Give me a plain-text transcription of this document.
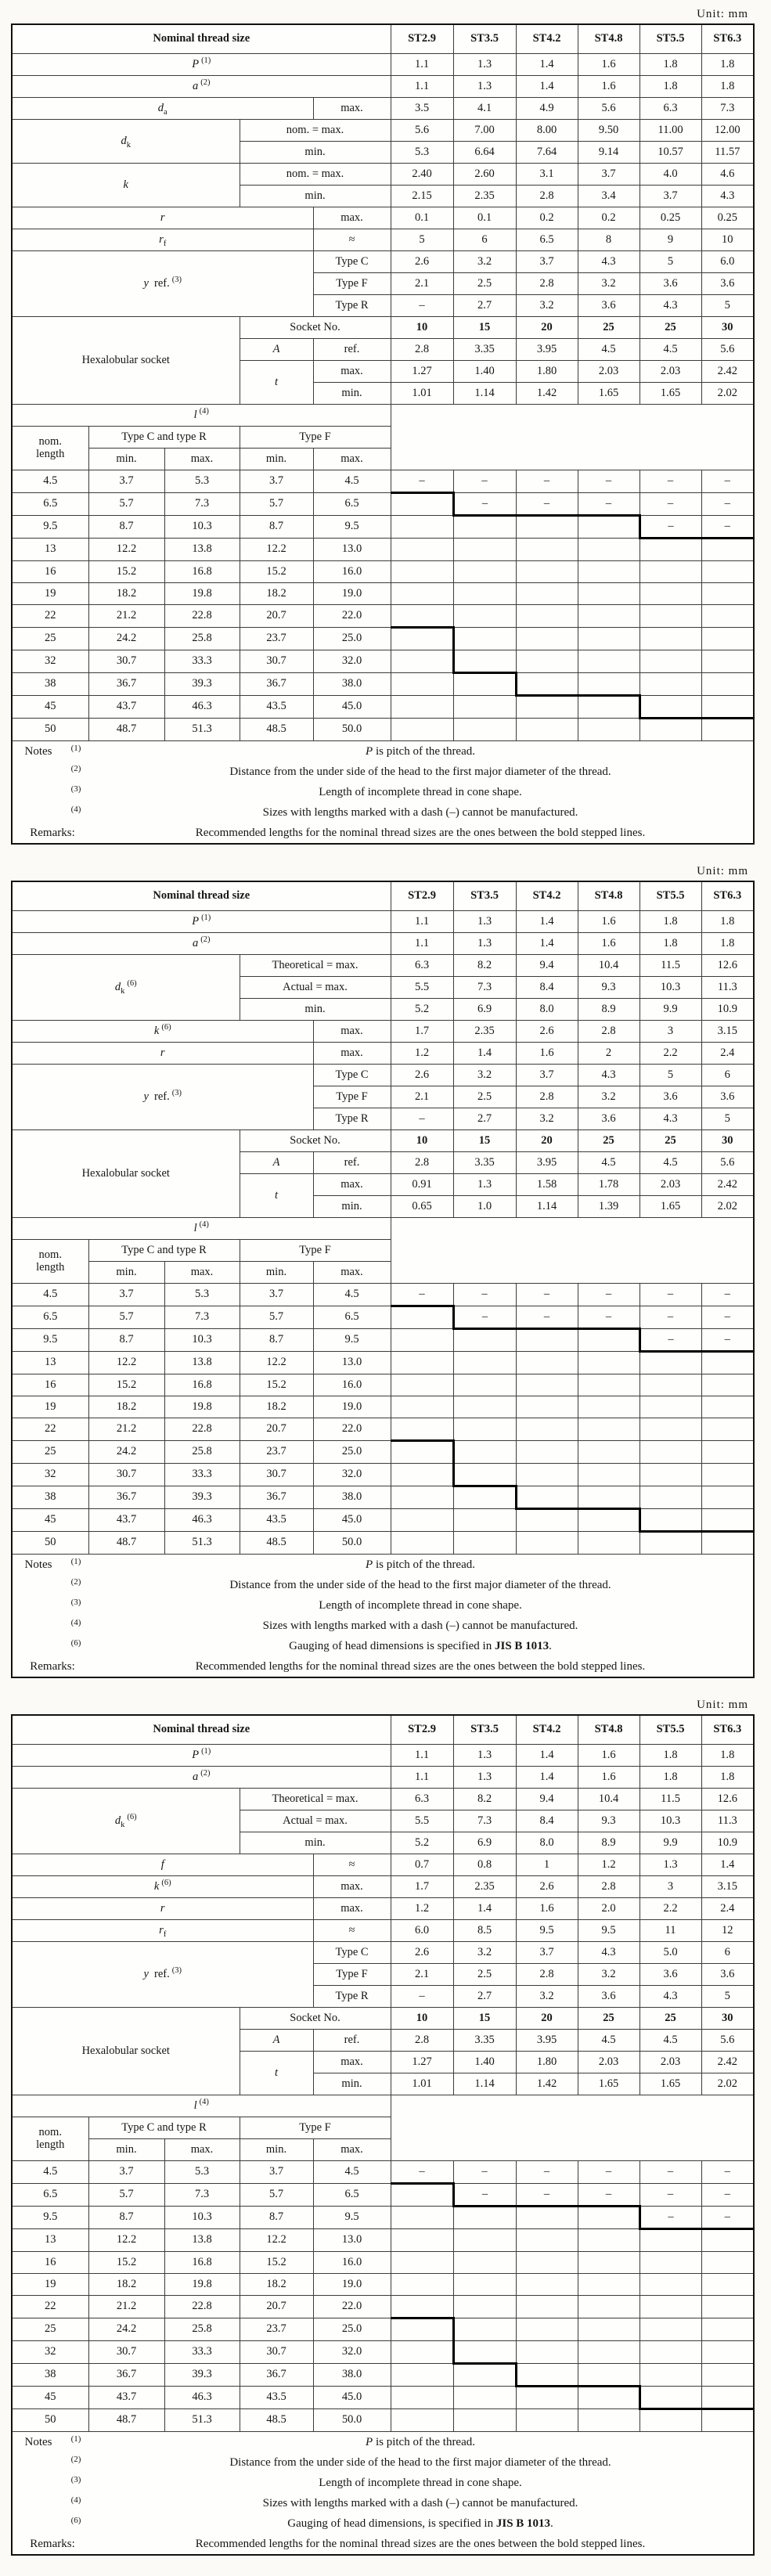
Unit: mm
Nominal thread size					ST2.9	ST3.5	ST4.2	ST4.8	ST5.5	ST6.3
P $^{(1)}$					1.1	1.3	1.4	1.6	1.8	1.8
a $^{(2)}$					1.1	1.3	1.4	1.6	1.8	1.8
$d_a$				max.	3.5	4.1	4.9	5.6	6.3	7.3
$d_k$			nom. = max.		5.6	7.00	8.00	9.50	11.00	12.00
			min.		5.3	6.64	7.64	9.14	10.57	11.57
k			nom. = max.		2.40	2.60	3.1	3.7	4.0	4.6
			min.		2.15	2.35	2.8	3.4	3.7	4.3
r				max.	0.1	0.1	0.2	0.2	0.25	0.25
$r_f$				≈	5	6	6.5	8	9	10
y ref. $^{(3)}$				Type C	2.6	3.2	3.7	4.3	5	6.0
				Type F	2.1	2.5	2.8	3.2	3.6	3.6
				Type R	–	2.7	3.2	3.6	4.3	5
Hexalobular socket			Socket No.		10	15	20	25	25	30
			A	ref.	2.8	3.35	3.95	4.5	4.5	5.6
			t	max.	1.27	1.40	1.80	2.03	2.03	2.42
				min.	1.01	1.14	1.42	1.65	1.65	2.02
l $^{(4)}$	

nom.
length	Type C and type R		Type F							
	min.	max.	min.	max.						
4.5	3.7	5.3	3.7	4.5	–	–	–	–	–	–
6.5	5.7	7.3	5.7	6.5		–	–	–	–	–
9.5	8.7	10.3	8.7	9.5					–	–
13	12.2	13.8	12.2	13.0						
16	15.2	16.8	15.2	16.0						
19	18.2	19.8	18.2	19.0						
22	21.2	22.8	20.7	22.0						
25	24.2	25.8	23.7	25.0						
32	30.7	33.3	30.7	32.0						
38	36.7	39.3	36.7	38.0						
45	43.7	46.3	43.5	45.0						
50	48.7	51.3	48.5	50.0						

Notes	(1)	P is pitch of the thread.
(2)	Distance from the under side of the head to the first major diameter of the thread.
(3)	Length of incomplete thread in cone shape.
(4)	Sizes with lengths marked with a dash (–) cannot be manufactured.
Remarks:	Recommended lengths for the nominal thread sizes are the ones between the bold stepped lines.
Unit: mm
Nominal thread size					ST2.9	ST3.5	ST4.2	ST4.8	ST5.5	ST6.3
P $^{(1)}$					1.1	1.3	1.4	1.6	1.8	1.8
a $^{(2)}$					1.1	1.3	1.4	1.6	1.8	1.8
$d_k^{(6)}$			Theoretical = max.		6.3	8.2	9.4	10.4	11.5	12.6
			Actual = max.		5.5	7.3	8.4	9.3	10.3	11.3
			min.		5.2	6.9	8.0	8.9	9.9	10.9
k $^{(6)}$				max.	1.7	2.35	2.6	2.8	3	3.15
r				max.	1.2	1.4	1.6	2	2.2	2.4
y ref. $^{(3)}$				Type C	2.6	3.2	3.7	4.3	5	6
				Type F	2.1	2.5	2.8	3.2	3.6	3.6
				Type R	–	2.7	3.2	3.6	4.3	5
Hexalobular socket			Socket No.		10	15	20	25	25	30
			A	ref.	2.8	3.35	3.95	4.5	4.5	5.6
			t	max.	0.91	1.3	1.58	1.78	2.03	2.42
				min.	0.65	1.0	1.14	1.39	1.65	2.02
l $^{(4)}$	

nom.
length	Type C and type R		Type F							
	min.	max.	min.	max.						
4.5	3.7	5.3	3.7	4.5	–	–	–	–	–	–
6.5	5.7	7.3	5.7	6.5		–	–	–	–	–
9.5	8.7	10.3	8.7	9.5					–	–
13	12.2	13.8	12.2	13.0						
16	15.2	16.8	15.2	16.0						
19	18.2	19.8	18.2	19.0						
22	21.2	22.8	20.7	22.0						
25	24.2	25.8	23.7	25.0						
32	30.7	33.3	30.7	32.0						
38	36.7	39.3	36.7	38.0						
45	43.7	46.3	43.5	45.0						
50	48.7	51.3	48.5	50.0						

Notes	(1)	P is pitch of the thread.
(2)	Distance from the under side of the head to the first major diameter of the thread.
(3)	Length of incomplete thread in cone shape.
(4)	Sizes with lengths marked with a dash (–) cannot be manufactured.
(6)	Gauging of head dimensions is specified in JIS B 1013.
Remarks:	Recommended lengths for the nominal thread sizes are the ones between the bold stepped lines.
Unit: mm
Nominal thread size					ST2.9	ST3.5	ST4.2	ST4.8	ST5.5	ST6.3
P $^{(1)}$					1.1	1.3	1.4	1.6	1.8	1.8
a $^{(2)}$					1.1	1.3	1.4	1.6	1.8	1.8
$d_k^{(6)}$			Theoretical = max.		6.3	8.2	9.4	10.4	11.5	12.6
			Actual = max.		5.5	7.3	8.4	9.3	10.3	11.3
			min.		5.2	6.9	8.0	8.9	9.9	10.9
f				≈	0.7	0.8	1	1.2	1.3	1.4
k $^{(6)}$				max.	1.7	2.35	2.6	2.8	3	3.15
r				max.	1.2	1.4	1.6	2.0	2.2	2.4
$r_f$				≈	6.0	8.5	9.5	9.5	11	12
y ref. $^{(3)}$				Type C	2.6	3.2	3.7	4.3	5.0	6
				Type F	2.1	2.5	2.8	3.2	3.6	3.6
				Type R	–	2.7	3.2	3.6	4.3	5
Hexalobular socket			Socket No.		10	15	20	25	25	30
			A	ref.	2.8	3.35	3.95	4.5	4.5	5.6
			t	max.	1.27	1.40	1.80	2.03	2.03	2.42
				min.	1.01	1.14	1.42	1.65	1.65	2.02
l $^{(4)}$	

nom.
length	Type C and type R		Type F							
	min.	max.	min.	max.						
4.5	3.7	5.3	3.7	4.5	–	–	–	–	–	–
6.5	5.7	7.3	5.7	6.5		–	–	–	–	–
9.5	8.7	10.3	8.7	9.5					–	–
13	12.2	13.8	12.2	13.0						
16	15.2	16.8	15.2	16.0						
19	18.2	19.8	18.2	19.0						
22	21.2	22.8	20.7	22.0						
25	24.2	25.8	23.7	25.0						
32	30.7	33.3	30.7	32.0						
38	36.7	39.3	36.7	38.0						
45	43.7	46.3	43.5	45.0						
50	48.7	51.3	48.5	50.0						

Notes	(1)	P is pitch of the thread.
(2)	Distance from the under side of the head to the first major diameter of the thread.
(3)	Length of incomplete thread in cone shape.
(4)	Sizes with lengths marked with a dash (–) cannot be manufactured.
(6)	Gauging of head dimensions, is specified in JIS B 1013.
Remarks:	Recommended lengths for the nominal thread sizes are the ones between the bold stepped lines.
